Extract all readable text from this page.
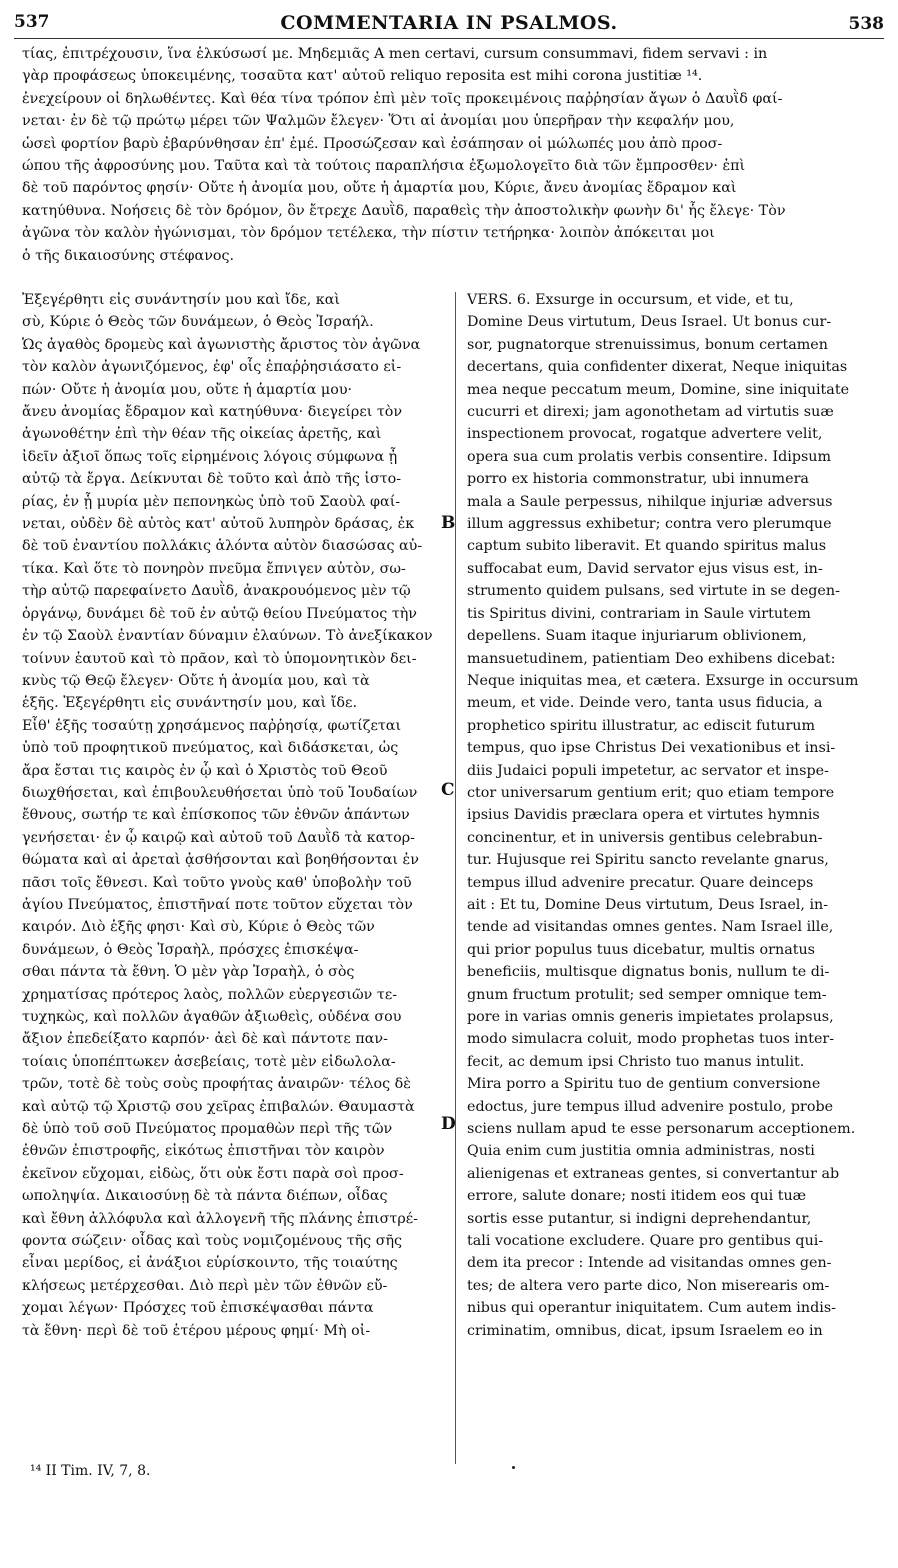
537	COMMENTARIA IN PSALMOS.	538

τίας, ἐπιτρέχουσιν, ἵνα ἑλκύσωσί με. Μηδεμιᾶς A men certavi, cursum consummavi, fidem servavi : in

γὰρ προφάσεως ὑποκειμένης, τοσαῦτα κατ' αὐτοῦ reliquo reposita est mihi corona justitiæ ¹⁴.

ἐνεχείρουν οἱ δηλωθέντες. Καὶ θέα τίνα τρόπον ἐπὶ μὲν τοῖς προκειμένοις παῤῥησίαν ἄγων ὁ Δαυῒδ φαί-

νεται· ἐν δὲ τῷ πρώτῳ μέρει τῶν Ψαλμῶν ἔλεγεν· Ὅτι αἱ ἀνομίαι μου ὑπερῆραν τὴν κεφαλήν μου,

ὡσεὶ φορτίον βαρὺ ἐβαρύνθησαν ἐπ' ἐμέ. Προσώζεσαν καὶ ἐσάπησαν οἱ μώλωπές μου ἀπὸ προσ-

ώπου τῆς ἀφροσύνης μου. Ταῦτα καὶ τὰ τούτοις παραπλήσια ἐξωμολογεῖτο διὰ τῶν ἔμπροσθεν· ἐπὶ

δὲ τοῦ παρόντος φησίν· Οὔτε ἡ ἀνομία μου, οὔτε ἡ ἁμαρτία μου, Κύριε, ἄνευ ἀνομίας ἔδραμον καὶ

κατηύθυνα. Νοήσεις δὲ τὸν δρόμον, ὃν ἔτρεχε Δαυῒδ, παραθεὶς τὴν ἀποστολικὴν φωνὴν δι' ἧς ἔλεγε· Τὸν

ἀγῶνα τὸν καλὸν ἠγώνισμαι, τὸν δρόμον τετέλεκα, τὴν πίστιν τετήρηκα· λοιπὸν ἀπόκειται μοι

ὁ τῆς δικαιοσύνης στέφανος.

Ἐξεγέρθητι εἰς συνάντησίν μου καὶ ἴδε, καὶ

σὺ, Κύριε ὁ Θεὸς τῶν δυνάμεων, ὁ Θεὸς Ἰσραήλ.

Ὡς ἀγαθὸς δρομεὺς καὶ ἀγωνιστὴς ἄριστος τὸν ἀγῶνα

τὸν καλὸν ἀγωνιζόμενος, ἐφ' οἷς ἐπαῤῥησιάσατο εἰ-

πών· Οὔτε ἡ ἀνομία μου, οὔτε ἡ ἁμαρτία μου·

ἄνευ ἀνομίας ἔδραμον καὶ κατηύθυνα· διεγείρει τὸν

ἀγωνοθέτην ἐπὶ τὴν θέαν τῆς οἰκείας ἀρετῆς, καὶ

ἰδεῖν ἀξιοῖ ὅπως τοῖς εἰρημένοις λόγοις σύμφωνα ᾖ

αὐτῷ τὰ ἔργα. Δείκνυται δὲ τοῦτο καὶ ἀπὸ τῆς ἱστο-

ρίας, ἐν ᾗ μυρία μὲν πεπονηκὼς ὑπὸ τοῦ Σαοὺλ φαί-

νεται, οὐδὲν δὲ αὐτὸς κατ' αὐτοῦ λυπηρὸν δράσας, ἐκ

δὲ τοῦ ἐναντίου πολλάκις ἁλόντα αὐτὸν διασώσας αὐ-

τίκα. Καὶ ὅτε τὸ πονηρὸν πνεῦμα ἔπνιγεν αὐτὸν, σω-

τὴρ αὐτῷ παρεφαίνετο Δαυῒδ, ἀνακρουόμενος μὲν τῷ

ὀργάνῳ, δυνάμει δὲ τοῦ ἐν αὐτῷ θείου Πνεύματος τὴν

ἐν τῷ Σαοὺλ ἐναντίαν δύναμιν ἐλαύνων. Τὸ ἀνεξίκακον

τοίνυν ἑαυτοῦ καὶ τὸ πρᾶον, καὶ τὸ ὑπομονητικὸν δει-

κνὺς τῷ Θεῷ ἔλεγεν· Οὔτε ἡ ἀνομία μου, καὶ τὰ

ἑξῆς. Ἐξεγέρθητι εἰς συνάντησίν μου, καὶ ἴδε.

Εἶθ' ἑξῆς τοσαύτῃ χρησάμενος παῤῥησίᾳ, φωτίζεται

ὑπὸ τοῦ προφητικοῦ πνεύματος, καὶ διδάσκεται, ὡς

ἄρα ἔσται τις καιρὸς ἐν ᾧ καὶ ὁ Χριστὸς τοῦ Θεοῦ

διωχθήσεται, καὶ ἐπιβουλευθήσεται ὑπὸ τοῦ Ἰουδαίων

ἔθνους, σωτήρ τε καὶ ἐπίσκοπος τῶν ἐθνῶν ἁπάντων

γενήσεται· ἐν ᾧ καιρῷ καὶ αὐτοῦ τοῦ Δαυῒδ τὰ κατορ-

θώματα καὶ αἱ ἀρεταὶ ᾀσθήσονται καὶ βοηθήσονται ἐν

πᾶσι τοῖς ἔθνεσι. Καὶ τοῦτο γνοὺς καθ' ὑποβολὴν τοῦ

ἁγίου Πνεύματος, ἐπιστῆναί ποτε τοῦτον εὔχεται τὸν

καιρόν. Διὸ ἑξῆς φησι· Καὶ σὺ, Κύριε ὁ Θεὸς τῶν

δυνάμεων, ὁ Θεὸς Ἰσραὴλ, πρόσχες ἐπισκέψα-

σθαι πάντα τὰ ἔθνη. Ὁ μὲν γὰρ Ἰσραὴλ, ὁ σὸς

χρηματίσας πρότερος λαὸς, πολλῶν εὐεργεσιῶν τε-

τυχηκὼς, καὶ πολλῶν ἀγαθῶν ἀξιωθεὶς, οὐδένα σου

ἄξιον ἐπεδείξατο καρπόν· ἀεὶ δὲ καὶ πάντοτε παν-

τοίαις ὑποπέπτωκεν ἀσεβείαις, τοτὲ μὲν εἰδωλολα-

τρῶν, τοτὲ δὲ τοὺς σοὺς προφήτας ἀναιρῶν· τέλος δὲ

καὶ αὐτῷ τῷ Χριστῷ σου χεῖρας ἐπιβαλών. Θαυμαστὰ

δὲ ὑπὸ τοῦ σοῦ Πνεύματος προμαθὼν περὶ τῆς τῶν

ἐθνῶν ἐπιστροφῆς, εἰκότως ἐπιστῆναι τὸν καιρὸν

ἐκεῖνον εὔχομαι, εἰδὼς, ὅτι οὐκ ἔστι παρὰ σοὶ προσ-

ωποληψία. Δικαιοσύνῃ δὲ τὰ πάντα διέπων, οἶδας

καὶ ἔθνη ἀλλόφυλα καὶ ἀλλογενῆ τῆς πλάνης ἐπιστρέ-

φοντα σώζειν· οἶδας καὶ τοὺς νομιζομένους τῆς σῆς

εἶναι μερίδος, εἰ ἀνάξιοι εὑρίσκοιντο, τῆς τοιαύτης

κλήσεως μετέρχεσθαι. Διὸ περὶ μὲν τῶν ἐθνῶν εὔ-

χομαι λέγων· Πρόσχες τοῦ ἐπισκέψασθαι πάντα

τὰ ἔθνη· περὶ δὲ τοῦ ἑτέρου μέρους φημί· Μὴ οἰ-

VERS. 6. Exsurge in occursum, et vide, et tu,

Domine Deus virtutum, Deus Israel. Ut bonus cur-

sor, pugnatorque strenuissimus, bonum certamen

decertans, quia confidenter dixerat, Neque iniquitas

mea neque peccatum meum, Domine, sine iniquitate

cucurri et direxi; jam agonothetam ad virtutis suæ

inspectionem provocat, rogatque advertere velit,

opera sua cum prolatis verbis consentire. Idipsum

porro ex historia commonstratur, ubi innumera

mala a Saule perpessus, nihilque injuriæ adversus

illum aggressus exhibetur; contra vero plerumque

captum subito liberavit. Et quando spiritus malus

suffocabat eum, David servator ejus visus est, in-

strumento quidem pulsans, sed virtute in se degen-

tis Spiritus divini, contrariam in Saule virtutem

depellens. Suam itaque injuriarum oblivionem,

mansuetudinem, patientiam Deo exhibens dicebat:

Neque iniquitas mea, et cætera. Exsurge in occursum

meum, et vide. Deinde vero, tanta usus fiducia, a

prophetico spiritu illustratur, ac ediscit futurum

tempus, quo ipse Christus Dei vexationibus et insi-

diis Judaici populi impetetur, ac servator et inspe-

ctor universarum gentium erit; quo etiam tempore

ipsius Davidis præclara opera et virtutes hymnis

concinentur, et in universis gentibus celebrabun-

tur. Hujusque rei Spiritu sancto revelante gnarus,

tempus illud advenire precatur. Quare deinceps

ait : Et tu, Domine Deus virtutum, Deus Israel, in-

tende ad visitandas omnes gentes. Nam Israel ille,

qui prior populus tuus dicebatur, multis ornatus

beneficiis, multisque dignatus bonis, nullum te di-

gnum fructum protulit; sed semper omnique tem-

pore in varias omnis generis impietates prolapsus,

modo simulacra coluit, modo prophetas tuos inter-

fecit, ac demum ipsi Christo tuo manus intulit.

Mira porro a Spiritu tuo de gentium conversione

edoctus, jure tempus illud advenire postulo, probe

sciens nullam apud te esse personarum acceptionem.

Quia enim cum justitia omnia administras, nosti

alienigenas et extraneas gentes, si convertantur ab

errore, salute donare; nosti itidem eos qui tuæ

sortis esse putantur, si indigni deprehendantur,

tali vocatione excludere. Quare pro gentibus qui-

dem ita precor : Intende ad visitandas omnes gen-

tes; de altera vero parte dico, Non miserearis om-

nibus qui operantur iniquitatem. Cum autem indis-

criminatim, omnibus, dicat, ipsum Israelem eo in

B
C
D
¹⁴ II Tim. IV, 7, 8.
